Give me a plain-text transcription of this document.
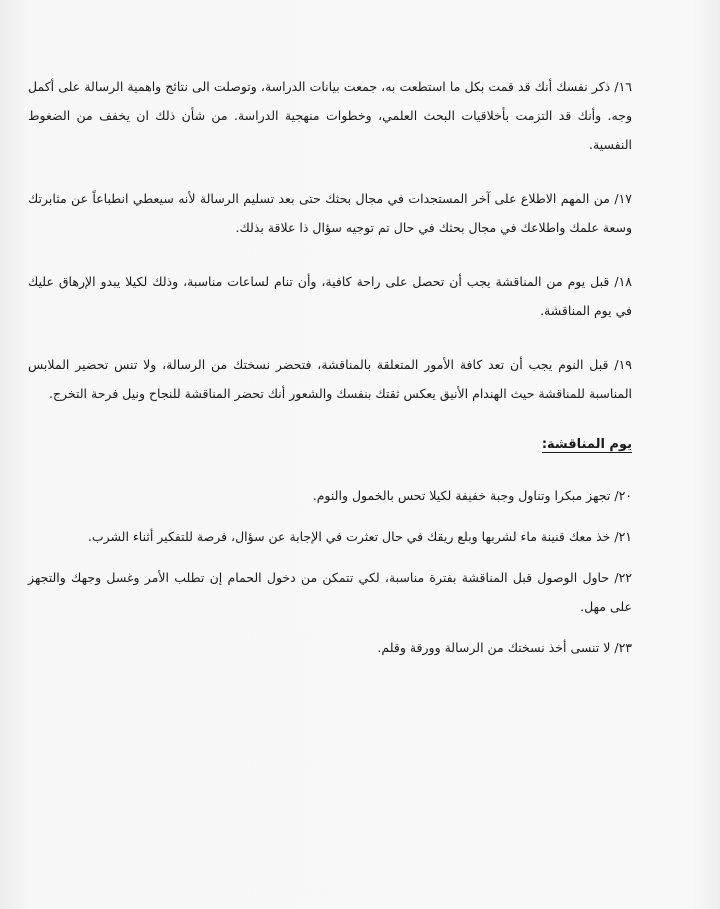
١٦/ ذكر نفسك أنك قد قمت بكل ما استطعت به، جمعت بيانات الدراسة، وتوصلت الى نتائج واهمية الرسالة على أكمل وجه. وأنك قد التزمت بأخلاقيات البحث العلمي، وخطوات منهجية الدراسة. من شأن ذلك ان يخفف من الضغوط النفسية.

١٧/ من المهم الاطلاع على آخر المستجدات في مجال بحثك حتى بعد تسليم الرسالة لأنه سيعطي انطباعاً عن مثابرتك وسعة علمك واطلاعك في مجال بحثك في حال تم توجيه سؤال ذا علاقة بذلك.

١٨/ قبل يوم من المناقشة يجب أن تحصل على راحة كافية، وأن تنام لساعات مناسبة، وذلك لكيلا يبدو الإرهاق عليك في يوم المناقشة.

١٩/ قبل النوم يجب أن تعد كافة الأمور المتعلقة بالمناقشة، فتحضر نسختك من الرسالة، ولا تنس تحضير الملابس المناسبة للمناقشة حيث الهندام الأنيق يعكس ثقتك بنفسك والشعور أنك تحضر المناقشة للنجاح ونيل فرحة التخرج.

يوم المناقشة:

٢٠/ تجهز مبكرا وتناول وجبة خفيفة لكيلا تحس بالخمول والنوم.

٢١/ خذ معك قنينة ماء لشربها وبلع ريقك في حال تعثرت في الإجابة عن سؤال، فرصة للتفكير أثناء الشرب.

٢٢/ حاول الوصول قبل المناقشة بفترة مناسبة، لكي تتمكن من دخول الحمام إن تطلب الأمر وغسل وجهك والتجهز على مهل.

٢٣/ لا تنسى أخذ نسختك من الرسالة وورقة وقلم.
